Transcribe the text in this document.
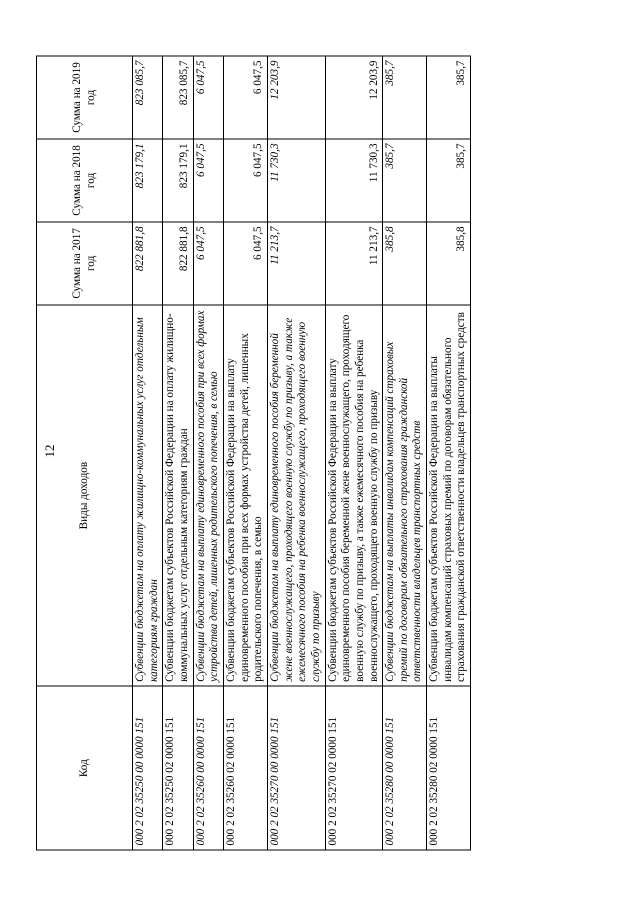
12
Код	Виды доходов	Сумма на 2017 год	Сумма на 2018 год	Сумма на 2019 год
000 2 02 35250 00 0000 151	Субвенции бюджетам на оплату жилищно-коммунальных услуг отдельным категориям граждан	822 881,8	823 179,1	823 085,7
000 2 02 35250 02 0000 151	Субвенции бюджетам субъектов Российской Федерации на оплату жилищно-коммунальных услуг отдельным категориям граждан	822 881,8	823 179,1	823 085,7
000 2 02 35260 00 0000 151	Субвенции бюджетам на выплату единовременного пособия при всех формах устройства детей, лишенных родительского попечения, в семью	6 047,5	6 047,5	6 047,5
000 2 02 35260 02 0000 151	Субвенции бюджетам субъектов Российской Федерации на выплату единовременного пособия при всех формах устройства детей, лишенных родительского попечения, в семью	6 047,5	6 047,5	6 047,5
000 2 02 35270 00 0000 151	Субвенции бюджетам на выплату единовременного пособия беременной жене военнослужащего, проходящего военную службу по призыву, а также ежемесячного пособия на ребенка военнослужащего, проходящего военную службу по призыву	11 213,7	11 730,3	12 203,9
000 2 02 35270 02 0000 151	Субвенции бюджетам субъектов Российской Федерации на выплату единовременного пособия беременной жене военнослужащего, проходящего военную службу по призыву, а также ежемесячного пособия на ребенка военнослужащего, проходящего военную службу по призыву	11 213,7	11 730,3	12 203,9
000 2 02 35280 00 0000 151	Субвенции бюджетам на выплаты инвалидам компенсаций страховых премий по договорам обязательного страхования гражданской ответственности владельцев транспортных средств	385,8	385,7	385,7
000 2 02 35280 02 0000 151	Субвенции бюджетам субъектов Российской Федерации на выплаты инвалидам компенсаций страховых премий по договорам обязательного страхования гражданской ответственности владельцев транспортных средств	385,8	385,7	385,7
